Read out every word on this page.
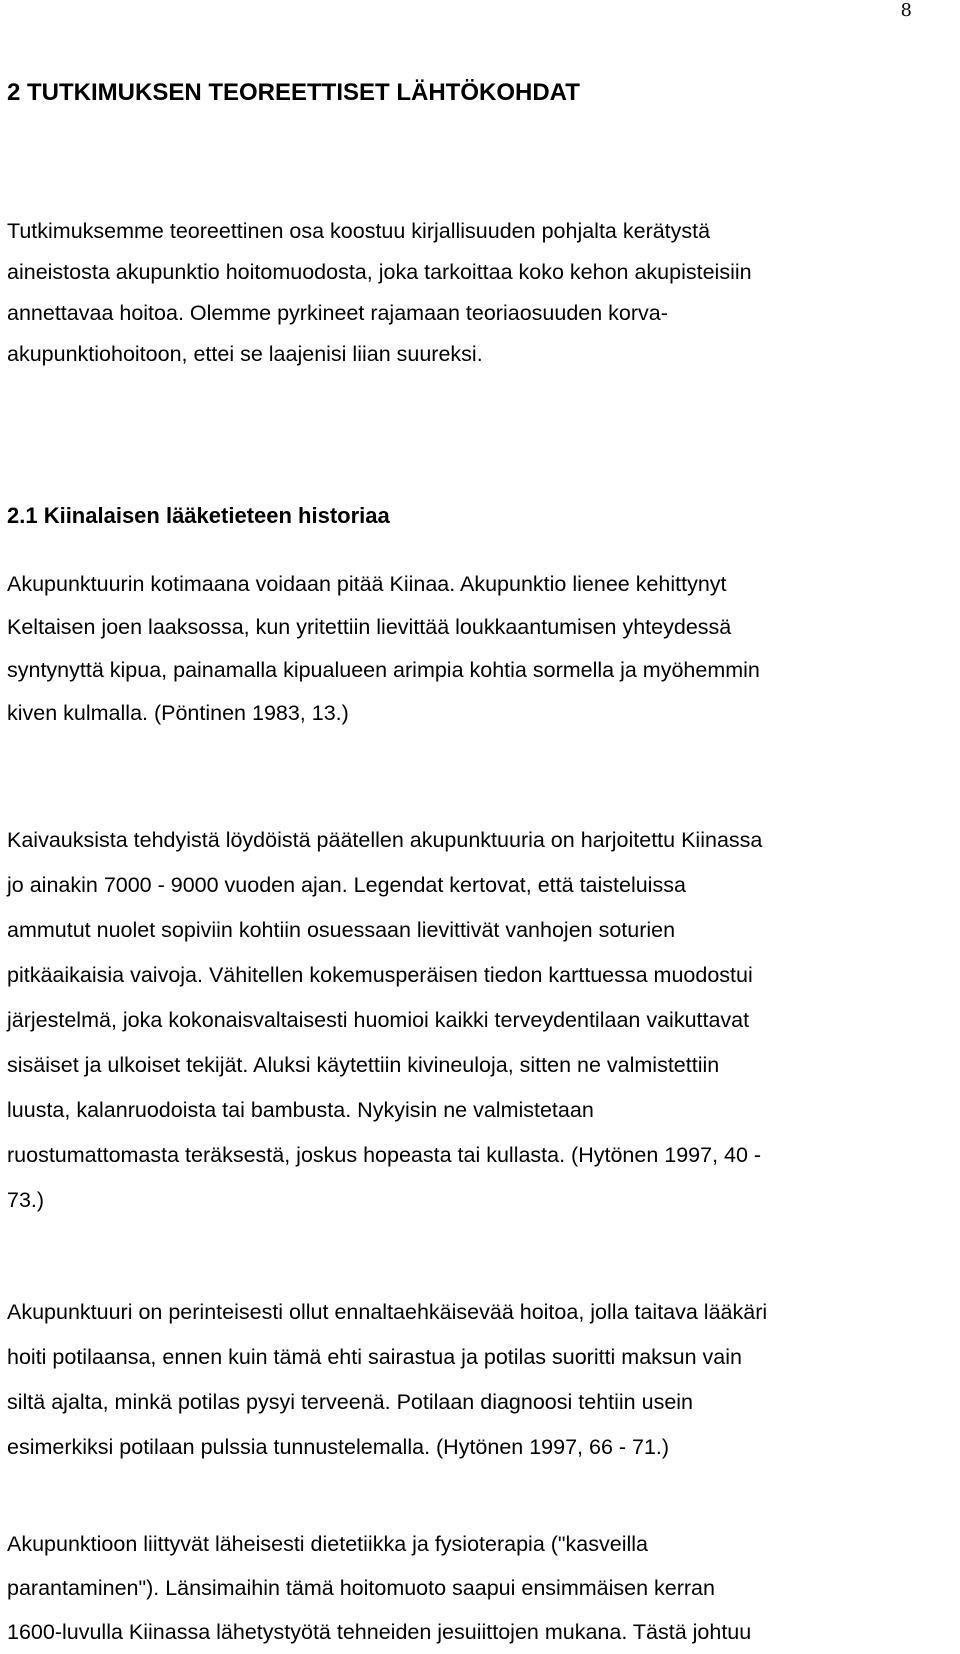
8
2 TUTKIMUKSEN TEOREETTISET LÄHTÖKOHDAT

Tutkimuksemme teoreettinen osa koostuu kirjallisuuden pohjalta kerätystä
aineistosta akupunktio hoitomuodosta, joka tarkoittaa koko kehon akupisteisiin
annettavaa hoitoa. Olemme pyrkineet rajamaan teoriaosuuden korva-
akupunktiohoitoon, ettei se laajenisi liian suureksi.

2.1 Kiinalaisen lääketieteen historiaa

Akupunktuurin kotimaana voidaan pitää Kiinaa. Akupunktio lienee kehittynyt
Keltaisen joen laaksossa, kun yritettiin lievittää loukkaantumisen yhteydessä
syntynyttä kipua, painamalla kipualueen arimpia kohtia sormella ja myöhemmin
kiven kulmalla. (Pöntinen 1983, 13.)

Kaivauksista tehdyistä löydöistä päätellen akupunktuuria on harjoitettu Kiinassa
jo ainakin 7000 - 9000 vuoden ajan. Legendat kertovat, että taisteluissa
ammutut nuolet sopiviin kohtiin osuessaan lievittivät vanhojen soturien
pitkäaikaisia vaivoja. Vähitellen kokemusperäisen tiedon karttuessa muodostui
järjestelmä, joka kokonaisvaltaisesti huomioi kaikki terveydentilaan vaikuttavat
sisäiset ja ulkoiset tekijät. Aluksi käytettiin kivineuloja, sitten ne valmistettiin
luusta, kalanruodoista tai bambusta. Nykyisin ne valmistetaan
ruostumattomasta teräksestä, joskus hopeasta tai kullasta. (Hytönen 1997, 40 -
73.)

Akupunktuuri on perinteisesti ollut ennaltaehkäisevää hoitoa, jolla taitava lääkäri
hoiti potilaansa, ennen kuin tämä ehti sairastua ja potilas suoritti maksun vain
siltä ajalta, minkä potilas pysyi terveenä. Potilaan diagnoosi tehtiin usein
esimerkiksi potilaan pulssia tunnustelemalla. (Hytönen 1997, 66 - 71.)

Akupunktioon liittyvät läheisesti dietetiikka ja fysioterapia ("kasveilla
parantaminen"). Länsimaihin tämä hoitomuoto saapui ensimmäisen kerran
1600-luvulla Kiinassa lähetystyötä tehneiden jesuiittojen mukana. Tästä johtuu
